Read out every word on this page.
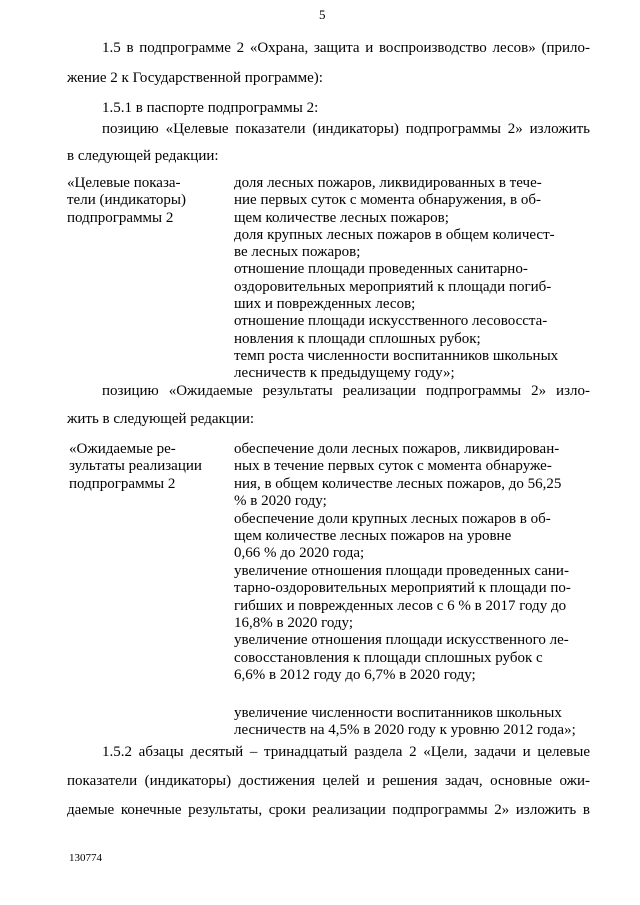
5
1.5 в подпрограмме 2 «Охрана, защита и воспроизводство лесов» (прило-
жение 2 к Государственной программе):
1.5.1 в паспорте подпрограммы 2:
позицию «Целевые показатели (индикаторы) подпрограммы 2» изложить
в следующей редакции:
«Целевые показа-
тели (индикаторы)
подпрограммы 2
доля лесных пожаров, ликвидированных в тече-
ние первых суток с момента обнаружения, в об-
щем количестве лесных пожаров;
доля крупных лесных пожаров в общем количест-
ве лесных пожаров;
отношение площади проведенных санитарно-
оздоровительных мероприятий к площади погиб-
ших и поврежденных лесов;
отношение площади искусственного лесовосста-
новления к площади сплошных рубок;
темп роста численности воспитанников школьных
лесничеств к предыдущему году»;
позицию «Ожидаемые результаты реализации подпрограммы 2» изло-
жить в следующей редакции:
«Ожидаемые ре-
зультаты реализации
подпрограммы 2
обеспечение доли лесных пожаров, ликвидирован-
ных в течение первых суток с момента обнаруже-
ния, в общем количестве лесных пожаров, до 56,25
% в 2020 году;
обеспечение доли крупных лесных пожаров в об-
щем количестве лесных пожаров на уровне
0,66 % до 2020 года;
увеличение отношения площади проведенных сани-
тарно-оздоровительных мероприятий к площади по-
гибших и поврежденных лесов с 6 % в 2017 году до
16,8% в 2020 году;
увеличение отношения площади искусственного ле-
совосстановления к площади сплошных рубок с
6,6% в 2012 году до 6,7% в 2020 году;
увеличение численности воспитанников школьных
лесничеств на 4,5% в 2020 году к уровню 2012 года»;
1.5.2 абзацы десятый – тринадцатый раздела 2 «Цели, задачи и целевые
показатели (индикаторы) достижения целей и решения задач, основные ожи-
даемые конечные результаты, сроки реализации подпрограммы 2» изложить в
130774
